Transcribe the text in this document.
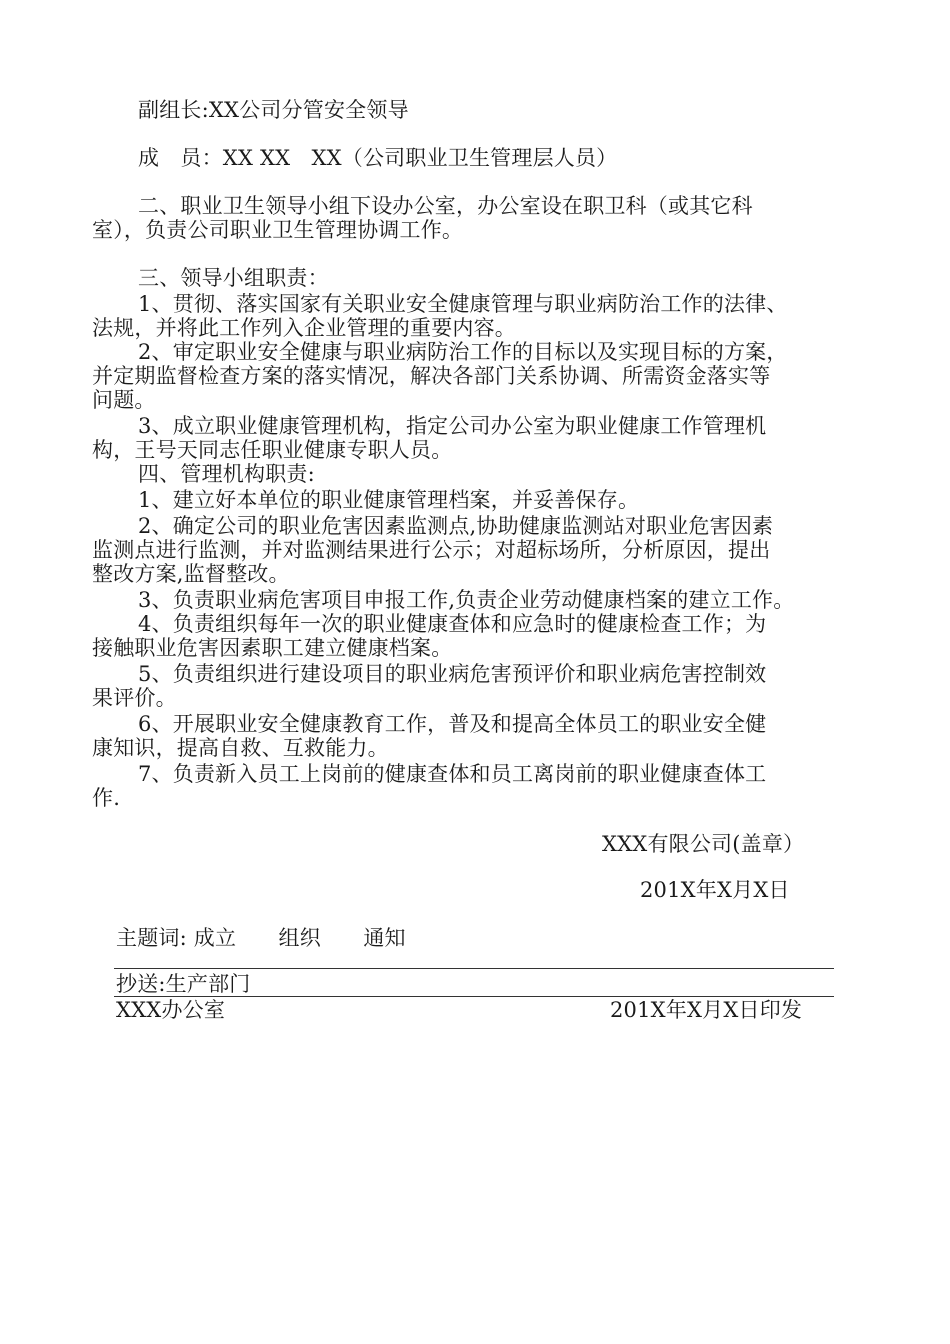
副组长:XX公司分管安全领导
成　员：XX XX　XX（公司职业卫生管理层人员）
二、职业卫生领导小组下设办公室，办公室设在职卫科（或其它科
室），负责公司职业卫生管理协调工作。
三、领导小组职责：
1、贯彻、落实国家有关职业安全健康管理与职业病防治工作的法律、
法规，并将此工作列入企业管理的重要内容。
2、审定职业安全健康与职业病防治工作的目标以及实现目标的方案，
并定期监督检查方案的落实情况，解决各部门关系协调、所需资金落实等
问题。
3、成立职业健康管理机构，指定公司办公室为职业健康工作管理机
构，王号天同志任职业健康专职人员。
四、管理机构职责:
1、建立好本单位的职业健康管理档案，并妥善保存。
2、确定公司的职业危害因素监测点,协助健康监测站对职业危害因素
监测点进行监测，并对监测结果进行公示；对超标场所，分析原因，提出
整改方案,监督整改。
3、负责职业病危害项目申报工作,负责企业劳动健康档案的建立工作。
4、负责组织每年一次的职业健康查体和应急时的健康检查工作；为
接触职业危害因素职工建立健康档案。
5、负责组织进行建设项目的职业病危害预评价和职业病危害控制效
果评价。
6、开展职业安全健康教育工作，普及和提高全体员工的职业安全健
康知识，提高自救、互救能力。
7、负责新入员工上岗前的健康查体和员工离岗前的职业健康查体工
作.
XXX有限公司(盖章）
201X年X月X日
主题词: 成立　　组织　　通知
抄送:生产部门
XXX办公室	201X年X月X日印发
